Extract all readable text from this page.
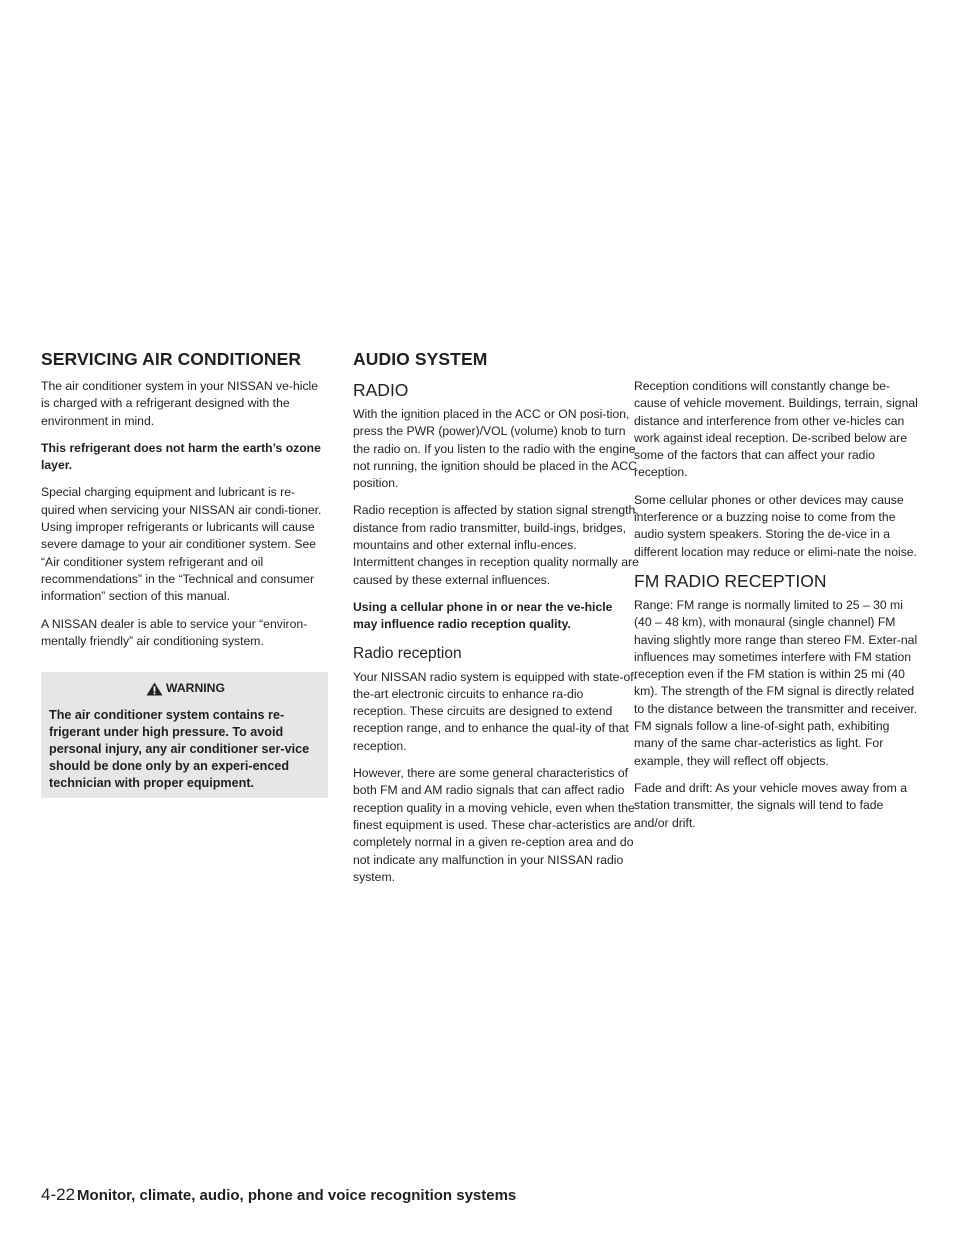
SERVICING AIR CONDITIONER	AUDIO SYSTEM

The air conditioner system in your NISSAN ve-hicle is charged with a refrigerant designed with the environment in mind.

This refrigerant does not harm the earth’s ozone layer.

Special charging equipment and lubricant is re-quired when servicing your NISSAN air condi-tioner. Using improper refrigerants or lubricants will cause severe damage to your air conditioner system. See “Air conditioner system refrigerant and oil recommendations” in the “Technical and consumer information” section of this manual.

A NISSAN dealer is able to service your “environ-mentally friendly” air conditioning system.

WARNING
The air conditioner system contains re-frigerant under high pressure. To avoid personal injury, any air conditioner ser-vice should be done only by an experi-enced technician with proper equipment.
RADIO

With the ignition placed in the ACC or ON posi-tion, press the PWR (power)/VOL (volume) knob to turn the radio on. If you listen to the radio with the engine not running, the ignition should be placed in the ACC position.

Radio reception is affected by station signal strength, distance from radio transmitter, build-ings, bridges, mountains and other external influ-ences. Intermittent changes in reception quality normally are caused by these external influences.

Using a cellular phone in or near the ve-hicle may influence radio reception quality.

Radio reception

Your NISSAN radio system is equipped with state-of-the-art electronic circuits to enhance ra-dio reception. These circuits are designed to extend reception range, and to enhance the qual-ity of that reception.

However, there are some general characteristics of both FM and AM radio signals that can affect radio reception quality in a moving vehicle, even when the finest equipment is used. These char-acteristics are completely normal in a given re-ception area and do not indicate any malfunction in your NISSAN radio system.

Reception conditions will constantly change be-cause of vehicle movement. Buildings, terrain, signal distance and interference from other ve-hicles can work against ideal reception. De-scribed below are some of the factors that can affect your radio reception.

Some cellular phones or other devices may cause interference or a buzzing noise to come from the audio system speakers. Storing the de-vice in a different location may reduce or elimi-nate the noise.

FM RADIO RECEPTION

Range: FM range is normally limited to 25 – 30 mi (40 – 48 km), with monaural (single channel) FM having slightly more range than stereo FM. Exter-nal influences may sometimes interfere with FM station reception even if the FM station is within 25 mi (40 km). The strength of the FM signal is directly related to the distance between the transmitter and receiver. FM signals follow a line-of-sight path, exhibiting many of the same char-acteristics as light. For example, they will reflect off objects.

Fade and drift: As your vehicle moves away from a station transmitter, the signals will tend to fade and/or drift.

4-22 Monitor, climate, audio, phone and voice recognition systems
